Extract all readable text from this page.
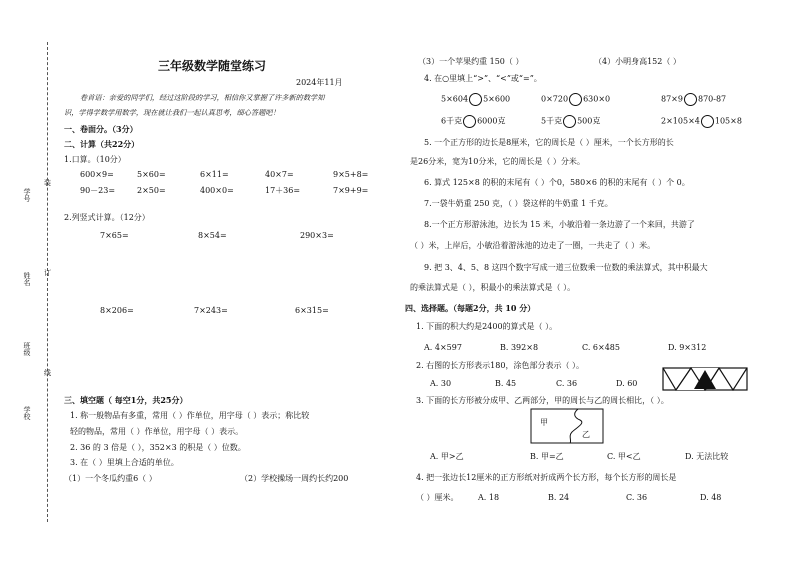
学号
姓名
班级
学校
装
订
线
三年级数学随堂练习
2024年11月
卷首语：亲爱的同学们，经过这阶段的学习，相信你又掌握了许多新的数学知
识，学得学数学用数学，现在就让我们一起认真思考，细心答题吧！
一、卷面分。（3分）
二、计算（共22分）
1.口算。（10分）
600×9=	5×60=	6×11=	40×7=	9×5+8=
90－23=	2×50=	400×0=	17＋36=	7×9+9=
2.列竖式计算。（12分）
7×65=	8×54=	290×3=
8×206=	7×243=	6×315=
三、填空题（ 每空1分，共25分）
1. 称一般物品有多重，常用（ ）作单位，用字母（ ）表示；称比较
轻的物品，常用（ ）作单位，用字母（ ）表示。
2. 36 的 3 倍是（ ），352×3 的积是（ ）位数。
3. 在（ ）里填上合适的单位。
（1）一个冬瓜约重6（ ）	（2）学校操场一周约长约200
（3）一个苹果约重 150（ ）	（4）小明身高152（ ）
4. 在○里填上“>”、“<”或“=”。
5×604 5×600	0×720 630×0	87×9 870-87
6千克 6000克	5千克 500克	2×105×4 105×8
5. 一个正方形的边长是8厘米，它的周长是（ ）厘米，一个长方形的长
是26分米，宽为10分米，它的周长是（ ）分米。
6. 算式 125×8 的积的末尾有（ ）个0，580×6 的积的末尾有（ ）个 0。
7.一袋牛奶重 250 克，（ ）袋这样的牛奶重 1 千克。
8.一个正方形游泳池，边长为 15 米，小敏沿着一条边游了一个来回，共游了
（ ）米，上岸后，小敏沿着游泳池的边走了一圈，一共走了（ ）米。
9. 把 3、4、5、8 这四个数字写成一道三位数乘一位数的乘法算式，其中积最大
的乘法算式是（ ），积最小的乘法算式是（ ）。
四、选择题。（每题2分，共 10 分）
1. 下面的积大约是2400的算式是（ ）。
A. 4×597	B. 392×8	C. 6×485	D. 9×312
2. 右图的长方形表示180，涂色部分表示（ ）。
A. 30	B. 45	C. 36	D. 60
3. 下面的长方形被分成甲、乙两部分，甲的周长与乙的周长相比，（ ）。
甲
乙
A. 甲>乙	B. 甲=乙	C. 甲<乙	D. 无法比较
4. 把一张边长12厘米的正方形纸对折成两个长方形，每个长方形的周长是
（ ）厘米。 A. 18	B. 24	C. 36	D. 48
